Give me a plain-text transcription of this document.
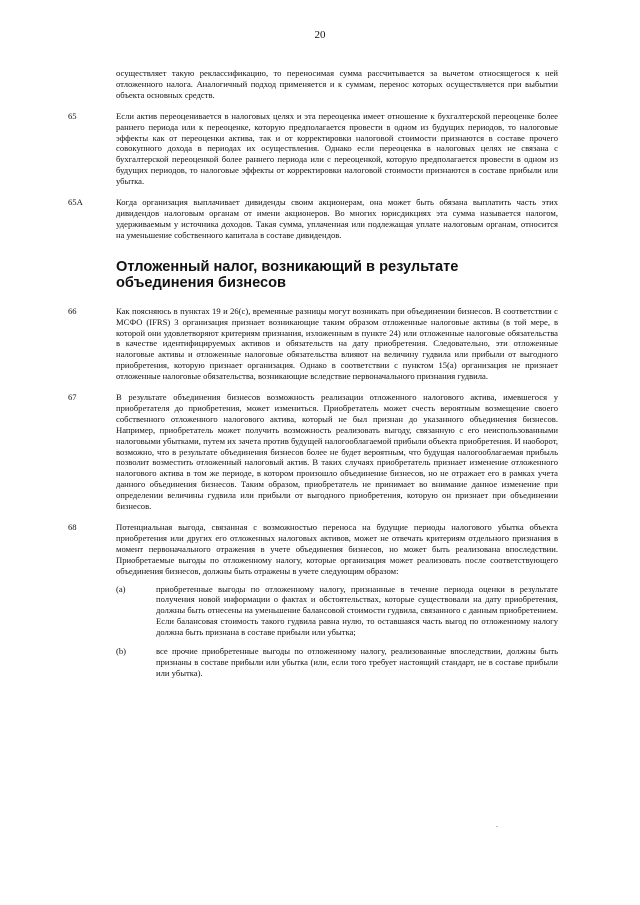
20
осуществляет такую реклассификацию, то переносимая сумма рассчитывается за вычетом относящегося к ней отложенного налога. Аналогичный подход применяется и к суммам, перенос которых осуществляется при выбытии объекта основных средств.
65	Если актив переоценивается в налоговых целях и эта переоценка имеет отношение к бухгалтерской переоценке более раннего периода или к переоценке, которую предполагается провести в одном из будущих периодов, то налоговые эффекты как от переоценки актива, так и от корректировки налоговой стоимости признаются в составе прочего совокупного дохода в периодах их осуществления. Однако если переоценка в налоговых целях не связана с бухгалтерской переоценкой более раннего периода или с переоценкой, которую предполагается провести в одном из будущих периодов, то налоговые эффекты от корректировки налоговой стоимости признаются в составе прибыли или убытка.
65A	Когда организация выплачивает дивиденды своим акционерам, она может быть обязана выплатить часть этих дивидендов налоговым органам от имени акционеров. Во многих юрисдикциях эта сумма называется налогом, удерживаемым у источника доходов. Такая сумма, уплаченная или подлежащая уплате налоговым органам, относится на уменьшение собственного капитала в составе дивидендов.
Отложенный налог, возникающий в результате объединения бизнесов
66	Как поясняюсь в пунктах 19 и 26(c), временные разницы могут возникать при объединении бизнесов. В соответствии с МСФО (IFRS) 3 организация признает возникающие таким образом отложенные налоговые активы (в той мере, в которой они удовлетворяют критериям признания, изложенным в пункте 24) или отложенные налоговые обязательства в качестве идентифицируемых активов и обязательств на дату приобретения. Следовательно, эти отложенные налоговые активы и отложенные налоговые обязательства влияют на величину гудвила или прибыли от выгодного приобретения, которую признает организация. Однако в соответствии с пунктом 15(a) организация не признает отложенные налоговые обязательства, возникающие вследствие первоначального признания гудвила.
67	В результате объединения бизнесов возможность реализации отложенного налогового актива, имевшегося у приобретателя до приобретения, может измениться. Приобретатель может счесть вероятным возмещение своего собственного отложенного налогового актива, который не был признан до указанного объединения бизнесов. Например, приобретатель может получить возможность реализовать выгоду, связанную с его неиспользованными налоговыми убытками, путем их зачета против будущей налогооблагаемой прибыли объекта приобретения. И наоборот, возможно, что в результате объединения бизнесов более не будет вероятным, что будущая налогооблагаемая прибыль позволит возместить отложенный налоговый актив. В таких случаях приобретатель признает изменение отложенного налогового актива в том же периоде, в котором произошло объединение бизнесов, но не отражает его в рамках учета данного объединения бизнесов. Таким образом, приобретатель не принимает во внимание данное изменение при определении величины гудвила или прибыли от выгодного приобретения, которую он признает при объединении бизнесов.
68	Потенциальная выгода, связанная с возможностью переноса на будущие периоды налогового убытка объекта приобретения или других его отложенных налоговых активов, может не отвечать критериям отдельного признания в момент первоначального отражения в учете объединения бизнесов, но может быть реализована впоследствии. Приобретаемые выгоды по отложенному налогу, которые организация может реализовать после соответствующего объединения бизнесов, должны быть отражены в учете следующим образом:
(a)	приобретенные выгоды по отложенному налогу, признанные в течение периода оценки в результате получения новой информации о фактах и обстоятельствах, которые существовали на дату приобретения, должны быть отнесены на уменьшение балансовой стоимости гудвила, связанного с данным приобретением. Если балансовая стоимость такого гудвила равна нулю, то оставшаяся часть выгод по отложенному налогу должна быть признана в составе прибыли или убытка;
(b)	все прочие приобретенные выгоды по отложенному налогу, реализованные впоследствии, должны быть признаны в составе прибыли или убытка (или, если того требует настоящий стандарт, не в составе прибыли или убытка).
